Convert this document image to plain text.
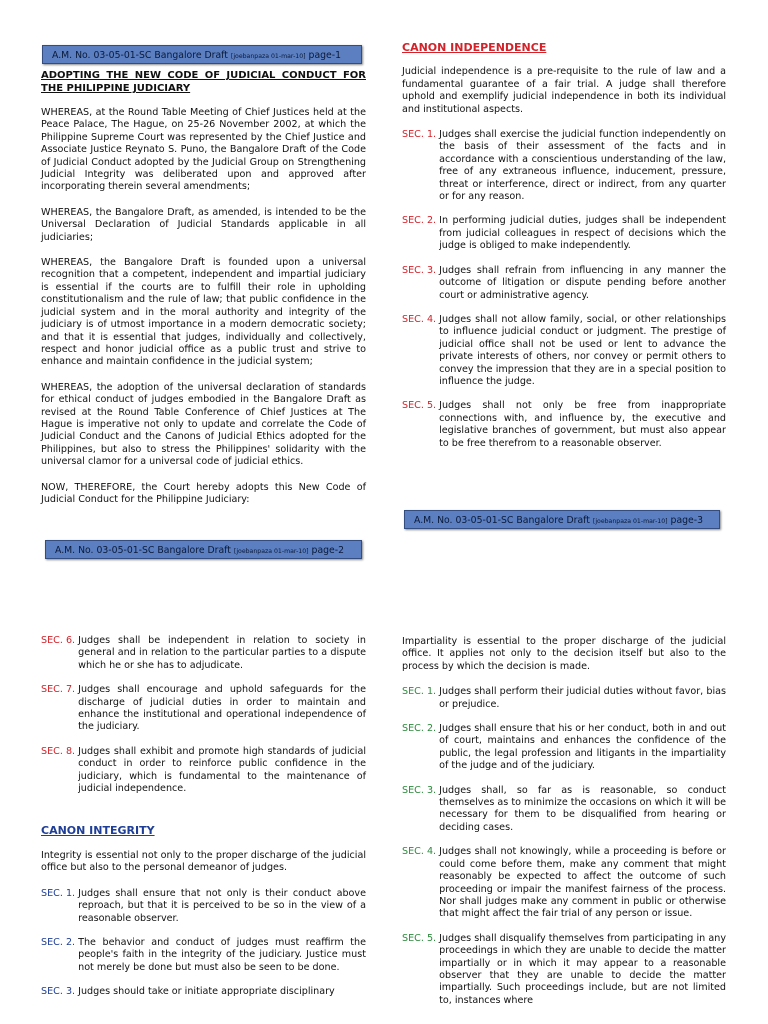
A.M. No. 03-05-01-SC Bangalore Draft [joebanpaza 01-mar-10] page-1
A.M. No. 03-05-01-SC Bangalore Draft [joebanpaza 01-mar-10] page-2
A.M. No. 03-05-01-SC Bangalore Draft [joebanpaza 01-mar-10] page-3
ADOPTING THE NEW CODE OF JUDICIAL CONDUCT FOR THE PHILIPPINE JUDICIARY
WHEREAS, at the Round Table Meeting of Chief Justices held at the Peace Palace, The Hague, on 25-26 November 2002, at which the Philippine Supreme Court was represented by the Chief Justice and Associate Justice Reynato S. Puno, the Bangalore Draft of the Code of Judicial Conduct adopted by the Judicial Group on Strengthening Judicial Integrity was deliberated upon and approved after incorporating therein several amendments;
WHEREAS, the Bangalore Draft, as amended, is intended to be the Universal Declaration of Judicial Standards applicable in all judiciaries;
WHEREAS, the Bangalore Draft is founded upon a universal recognition that a competent, independent and impartial judiciary is essential if the courts are to fulfill their role in upholding constitutionalism and the rule of law; that public confidence in the judicial system and in the moral authority and integrity of the judiciary is of utmost importance in a modern democratic society; and that it is essential that judges, individually and collectively, respect and honor judicial office as a public trust and strive to enhance and maintain confidence in the judicial system;
WHEREAS, the adoption of the universal declaration of standards for ethical conduct of judges embodied in the Bangalore Draft as revised at the Round Table Conference of Chief Justices at The Hague is imperative not only to update and correlate the Code of Judicial Conduct and the Canons of Judicial Ethics adopted for the Philippines, but also to stress the Philippines' solidarity with the universal clamor for a universal code of judicial ethics.
NOW, THEREFORE, the Court hereby adopts this New Code of Judicial Conduct for the Philippine Judiciary:
CANON INDEPENDENCE
Judicial independence is a pre-requisite to the rule of law and a fundamental guarantee of a fair trial. A judge shall therefore uphold and exemplify judicial independence in both its individual and institutional aspects.
SEC. 1. Judges shall exercise the judicial function independently on the basis of their assessment of the facts and in accordance with a conscientious understanding of the law, free of any extraneous influence, inducement, pressure, threat or interference, direct or indirect, from any quarter or for any reason.
SEC. 2. In performing judicial duties, judges shall be independent from judicial colleagues in respect of decisions which the judge is obliged to make independently.
SEC. 3. Judges shall refrain from influencing in any manner the outcome of litigation or dispute pending before another court or administrative agency.
SEC. 4. Judges shall not allow family, social, or other relationships to influence judicial conduct or judgment. The prestige of judicial office shall not be used or lent to advance the private interests of others, nor convey or permit others to convey the impression that they are in a special position to influence the judge.
SEC. 5. Judges shall not only be free from inappropriate connections with, and influence by, the executive and legislative branches of government, but must also appear to be free therefrom to a reasonable observer.
SEC. 6. Judges shall be independent in relation to society in general and in relation to the particular parties to a dispute which he or she has to adjudicate.
SEC. 7. Judges shall encourage and uphold safeguards for the discharge of judicial duties in order to maintain and enhance the institutional and operational independence of the judiciary.
SEC. 8. Judges shall exhibit and promote high standards of judicial conduct in order to reinforce public confidence in the judiciary, which is fundamental to the maintenance of judicial independence.
CANON INTEGRITY
Integrity is essential not only to the proper discharge of the judicial office but also to the personal demeanor of judges.
SEC. 1. Judges shall ensure that not only is their conduct above reproach, but that it is perceived to be so in the view of a reasonable observer.
SEC. 2. The behavior and conduct of judges must reaffirm the people's faith in the integrity of the judiciary. Justice must not merely be done but must also be seen to be done.
SEC. 3. Judges should take or initiate appropriate disciplinary
Impartiality is essential to the proper discharge of the judicial office. It applies not only to the decision itself but also to the process by which the decision is made.
SEC. 1. Judges shall perform their judicial duties without favor, bias or prejudice.
SEC. 2. Judges shall ensure that his or her conduct, both in and out of court, maintains and enhances the confidence of the public, the legal profession and litigants in the impartiality of the judge and of the judiciary.
SEC. 3. Judges shall, so far as is reasonable, so conduct themselves as to minimize the occasions on which it will be necessary for them to be disqualified from hearing or deciding cases.
SEC. 4. Judges shall not knowingly, while a proceeding is before or could come before them, make any comment that might reasonably be expected to affect the outcome of such proceeding or impair the manifest fairness of the process. Nor shall judges make any comment in public or otherwise that might affect the fair trial of any person or issue.
SEC. 5. Judges shall disqualify themselves from participating in any proceedings in which they are unable to decide the matter impartially or in which it may appear to a reasonable observer that they are unable to decide the matter impartially. Such proceedings include, but are not limited to, instances where
